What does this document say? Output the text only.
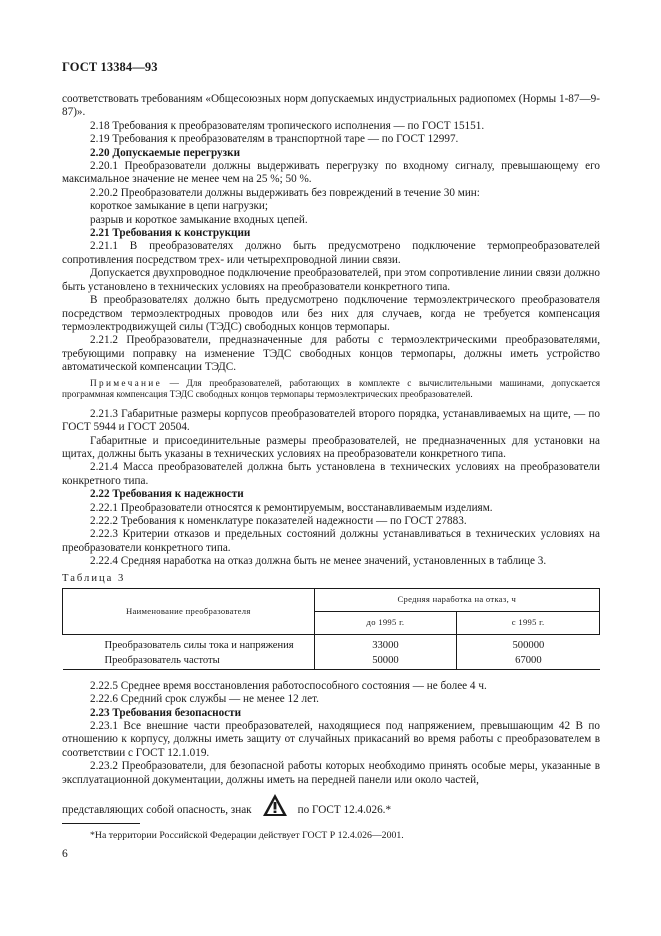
ГОСТ 13384—93
соответствовать требованиям «Общесоюзных норм допускаемых индустриальных радиопомех (Нормы 1-87—9-87)».
2.18 Требования к преобразователям тропического исполнения — по ГОСТ 15151.
2.19 Требования к преобразователям в транспортной таре — по ГОСТ 12997.
2.20 Допускаемые перегрузки
2.20.1 Преобразователи должны выдерживать перегрузку по входному сигналу, превышающему его максимальное значение не менее чем на 25 %; 50 %.
2.20.2 Преобразователи должны выдерживать без повреждений в течение 30 мин:
короткое замыкание в цепи нагрузки;
разрыв и короткое замыкание входных цепей.
2.21 Требования к конструкции
2.21.1 В преобразователях должно быть предусмотрено подключение термопреобразователей сопротивления посредством трех- или четырехпроводной линии связи.
Допускается двухпроводное подключение преобразователей, при этом сопротивление линии связи должно быть установлено в технических условиях на преобразователи конкретного типа.
В преобразователях должно быть предусмотрено подключение термоэлектрического преобразователя посредством термоэлектродных проводов или без них для случаев, когда не требуется компенсация термоэлектродвижущей силы (ТЭДС) свободных концов термопары.
2.21.2 Преобразователи, предназначенные для работы с термоэлектрическими преобразователями, требующими поправку на изменение ТЭДС свободных концов термопары, должны иметь устройство автоматической компенсации ТЭДС.
Примечание — Для преобразователей, работающих в комплекте с вычислительными машинами, допускается программная компенсация ТЭДС свободных концов термопары термоэлектрических преобразователей.
2.21.3 Габаритные размеры корпусов преобразователей второго порядка, устанавливаемых на щите, — по ГОСТ 5944 и ГОСТ 20504.
Габаритные и присоединительные размеры преобразователей, не предназначенных для установки на щитах, должны быть указаны в технических условиях на преобразователи конкретного типа.
2.21.4 Масса преобразователей должна быть установлена в технических условиях на преобразователи конкретного типа.
2.22 Требования к надежности
2.22.1 Преобразователи относятся к ремонтируемым, восстанавливаемым изделиям.
2.22.2 Требования к номенклатуре показателей надежности — по ГОСТ 27883.
2.22.3 Критерии отказов и предельных состояний должны устанавливаться в технических условиях на преобразователи конкретного типа.
2.22.4 Средняя наработка на отказ должна быть не менее значений, установленных в таблице 3.
Таблица 3
Наименование преобразователя	Средняя наработка на отказ, ч	
	до 1995 г.	с 1995 г.
Преобразователь силы тока и напряжения	33000	500000
Преобразователь частоты	50000	67000
2.22.5 Среднее время восстановления работоспособного состояния — не более 4 ч.
2.22.6 Средний срок службы — не менее 12 лет.
2.23 Требования безопасности
2.23.1 Все внешние части преобразователей, находящиеся под напряжением, превышающим 42 В по отношению к корпусу, должны иметь защиту от случайных прикасаний во время работы с преобразователем в соответствии с ГОСТ 12.1.019.
2.23.2 Преобразователи, для безопасной работы которых необходимо принять особые меры, указанные в эксплуатационной документации, должны иметь на передней панели или около частей,
представляющих собой опасность, знак	по ГОСТ 12.4.026.*
*На территории Российской Федерации действует ГОСТ Р 12.4.026—2001.
6
